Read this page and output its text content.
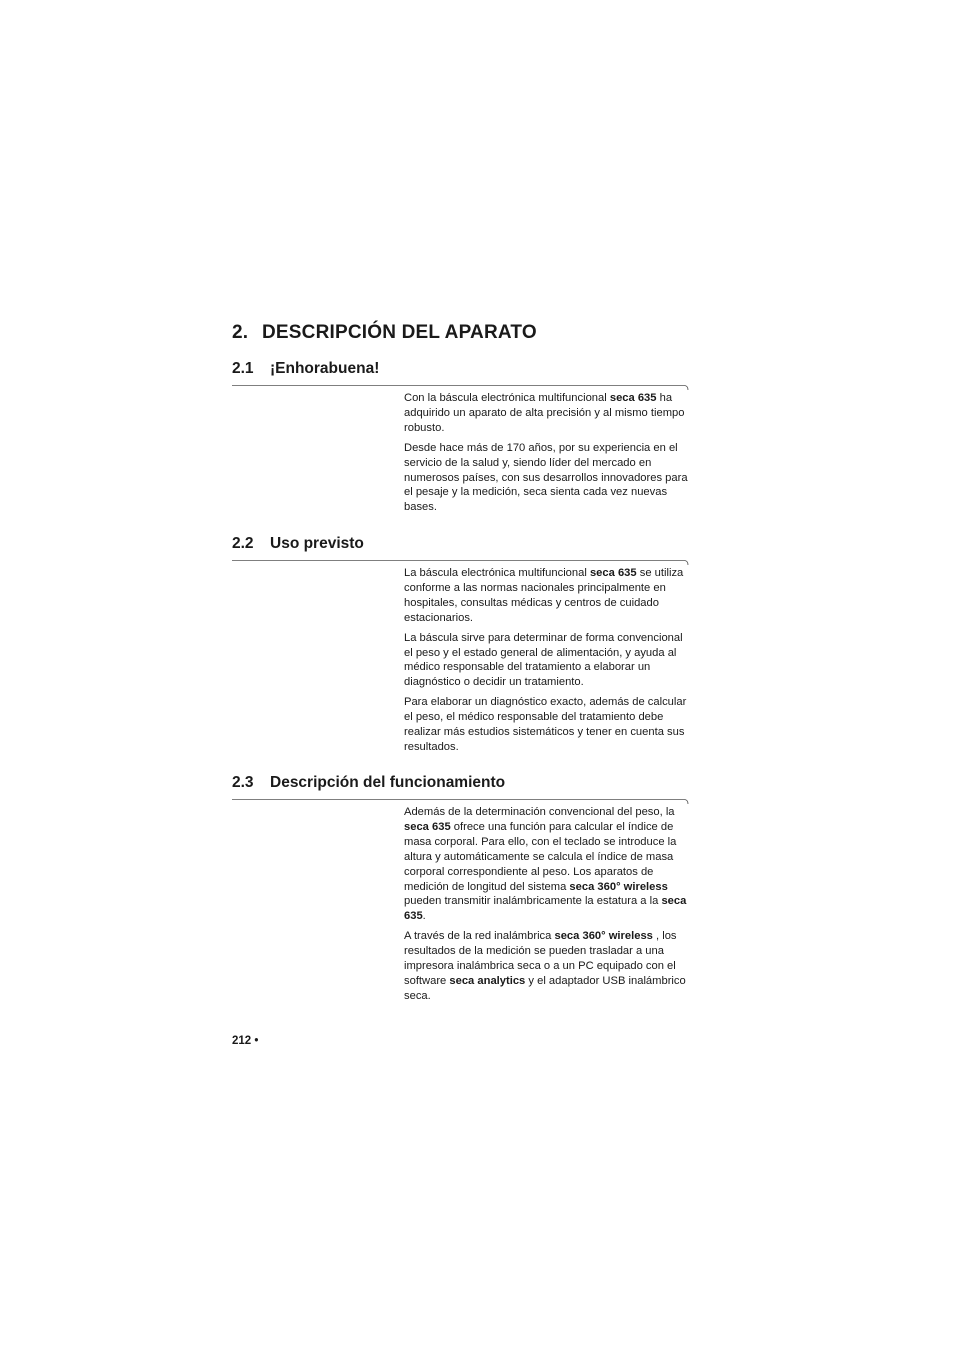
2. DESCRIPCIÓN DEL APARATO
2.1 ¡Enhorabuena!

Con la báscula electrónica multifuncional seca 635 ha adquirido un aparato de alta precisión y al mismo tiempo robusto.

Desde hace más de 170 años, por su experiencia en el servicio de la salud y, siendo líder del mercado en numerosos países, con sus desarrollos innovadores para el pesaje y la medición, seca sienta cada vez nuevas bases.

2.2 Uso previsto

La báscula electrónica multifuncional seca 635 se utiliza conforme a las normas nacionales principalmente en hospitales, consultas médicas y centros de cuidado estacionarios.

La báscula sirve para determinar de forma convencional el peso y el estado general de alimentación, y ayuda al médico responsable del tratamiento a elaborar un diagnóstico o decidir un tratamiento.

Para elaborar un diagnóstico exacto, además de calcular el peso, el médico responsable del tratamiento debe realizar más estudios sistemáticos y tener en cuenta sus resultados.

2.3 Descripción del funcionamiento

Además de la determinación convencional del peso, la seca 635 ofrece una función para calcular el índice de masa corporal. Para ello, con el teclado se introduce la altura y automáticamente se calcula el índice de masa corporal correspondiente al peso. Los aparatos de medición de longitud del sistema seca 360° wireless pueden transmitir inalámbricamente la estatura a la seca 635.

A través de la red inalámbrica seca 360° wireless , los resultados de la medición se pueden trasladar a una impresora inalámbrica seca o a un PC equipado con el software seca analytics y el adaptador USB inalámbrico seca.

212 •
